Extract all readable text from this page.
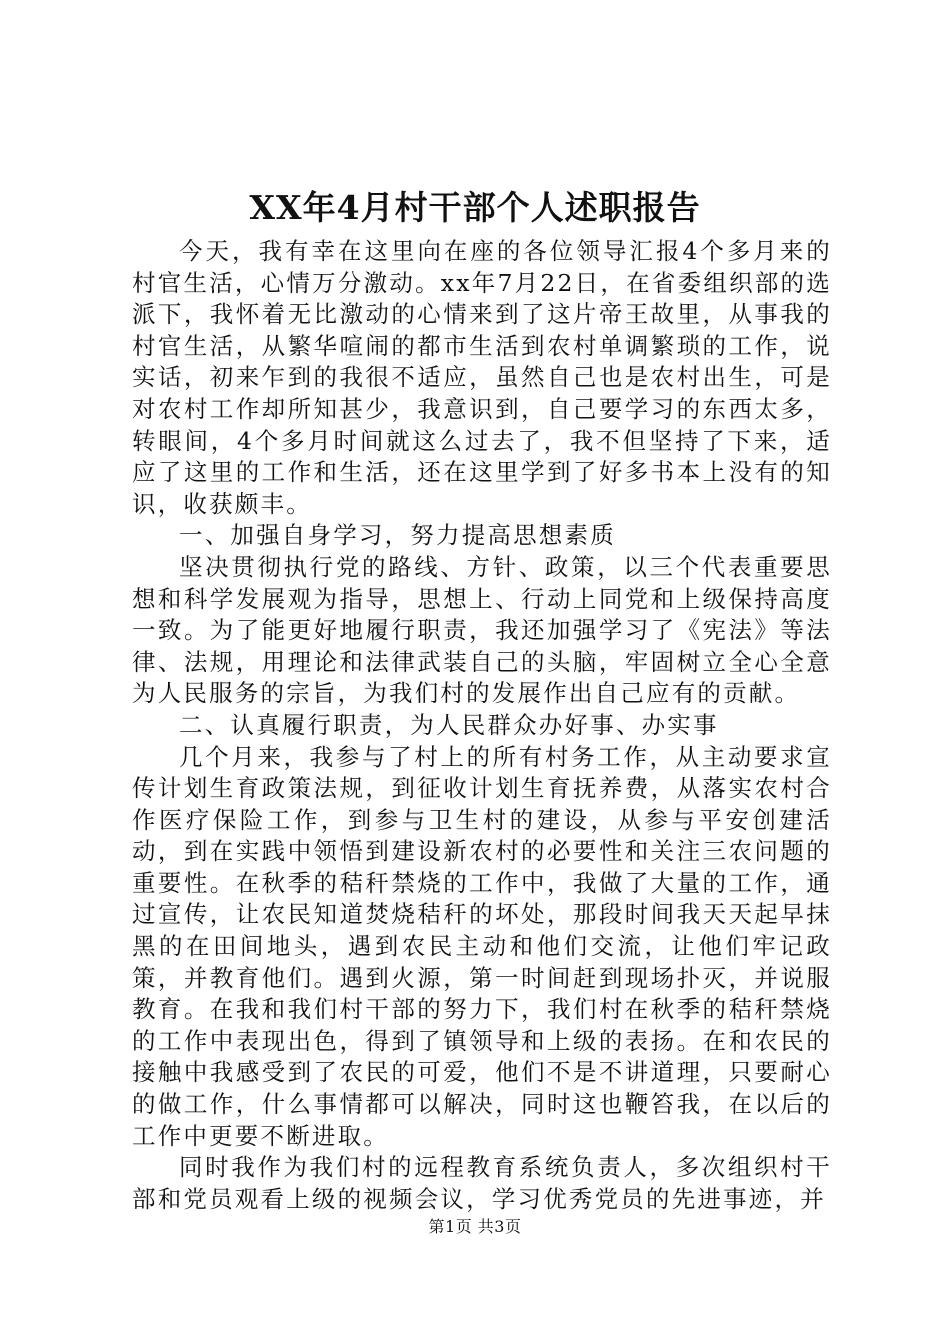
XX年4月村干部个人述职报告

今天，我有幸在这里向在座的各位领导汇报4个多月来的村官生活，心情万分激动。xx年7月22日，在省委组织部的选派下，我怀着无比激动的心情来到了这片帝王故里，从事我的村官生活，从繁华喧闹的都市生活到农村单调繁琐的工作，说实话，初来乍到的我很不适应，虽然自己也是农村出生，可是对农村工作却所知甚少，我意识到，自己要学习的东西太多，转眼间，4个多月时间就这么过去了，我不但坚持了下来，适应了这里的工作和生活，还在这里学到了好多书本上没有的知识，收获颇丰。

一、加强自身学习，努力提高思想素质

坚决贯彻执行党的路线、方针、政策，以三个代表重要思想和科学发展观为指导，思想上、行动上同党和上级保持高度一致。为了能更好地履行职责，我还加强学习了《宪法》等法律、法规，用理论和法律武装自己的头脑，牢固树立全心全意为人民服务的宗旨，为我们村的发展作出自己应有的贡献。

二、认真履行职责，为人民群众办好事、办实事

几个月来，我参与了村上的所有村务工作，从主动要求宣传计划生育政策法规，到征收计划生育抚养费，从落实农村合作医疗保险工作，到参与卫生村的建设，从参与平安创建活动，到在实践中领悟到建设新农村的必要性和关注三农问题的重要性。在秋季的秸秆禁烧的工作中，我做了大量的工作，通过宣传，让农民知道焚烧秸秆的坏处，那段时间我天天起早抹黑的在田间地头，遇到农民主动和他们交流，让他们牢记政策，并教育他们。遇到火源，第一时间赶到现场扑灭，并说服教育。在我和我们村干部的努力下，我们村在秋季的秸秆禁烧的工作中表现出色，得到了镇领导和上级的表扬。在和农民的接触中我感受到了农民的可爱，他们不是不讲道理，只要耐心的做工作，什么事情都可以解决，同时这也鞭笞我，在以后的工作中更要不断进取。

同时我作为我们村的远程教育系统负责人，多次组织村干部和党员观看上级的视频会议，学习优秀党员的先进事迹，并

第1页 共3页
